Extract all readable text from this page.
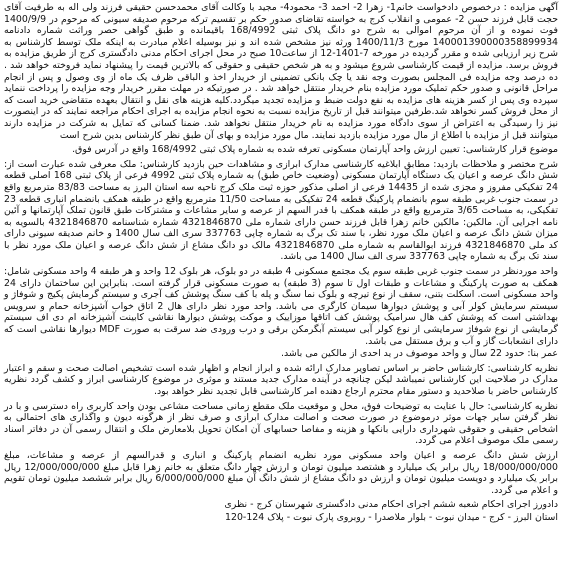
آگهی مزایده : درخصوص دادخواست خانم1- زهرا 2- احمد 3- محمود4- مجید با وکالت آقای محمدحسن حقیقی فرزند ولی اله به طرفیت آقای حجت قابل فرزند حسن 2- عمومی و انقلاب کرج به خواسته تقاضای صدور حکم بر تقسیم ترکه مرحوم صدیقه سیونی که مرحوم در 1400/9/9 فوت نموده و از آن مرحوم اموالی به شرح دو دانگ پلاک ثبتی 168/4992 باقیمانده و طبق گواهی حصر وراثت شماره دادنامه 140001390000358899934 مورخ 1400/11/3 ورثه نیز مشخص شده اند و نیز بوسیله اعلام مبادرت به اینکه ملک توسط کارشناس به شرح زیر ارزیابی شده و مقرر گردیده در مورخه 7-1401-12 از ساعت10 صبح در محل اجرای احکام مدنی دادگستری کرج از طریق مزایده به فروش برسد. مزایده از قیمت کارشناسی شروع میشود و به هر شخص حقیقی و حقوقی که بالاترین قیمت را پیشنهاد نماید فروخته خواهد شد . ده درصد وجه مزایده فی المجلس بصورت وجه نقد یا چک بانکی تضمینی از خریدار اخذ و الباقی ظرف یک ماه از وی وصول و پس از انجام مراحل قانونی و صدور حکم تملیک مورد مزایده بنام خریدار منتقل خواهد شد . در صورتیکه در مهلت مقرر خریدار وجه مزایده را پرداخت ننماید سپرده وی پس از کسر هزینه های مزایده به نفع دولت ضبط و مزایده تجدید میگردد.کلیه هزینه های نقل و انتقال بعهده متقاضی خرید است که از محل فروش کسر نخواهد شد.طرفین میتوانند قبل از تاریخ مزایده نسبت به نحوه انجام مزایده به اجرای احکام مراجعه نمایند که در اینصورت نیز زا رسیدگی به اعتراض از سوی دادگاه مورد مزایده به نام خریدار منتقل نخواهد شد. ضمنا کسانی که تمایل به شرکت در مزایده دارند میتوانند قبل از مزایده با اطلاع از مال مورد مزایده بازدید نمایند. مال مورد مزایده و بهای آن طبق نظر کارشناس بدین شرح است

موضوع قرار کارشناسی: تعیین ارزش واحد آپارتمان مسکونی تعرفه شده به شماره پلاک ثبتی 168/4992 واقع در آدرس فوق.

شرح مختصر و ملاحظات بازدید: مطابق ابلاغیه کارشناسی مدارک ابرازی و مشاهدات حین بازدید کارشناس: ملک معرفی شده عبارت است از: شش دانگ عرصه و اعیان یک دستگاه آپارتمان مسکونی (وضعیت خاص طبق) به شماره پلاک ثبتی 4992 فرعی از پلاک ثبتی 168 اصلی قطعه 24 تفکیکی مفروز و مجزی شده از 14435 فرعی از اصلی مذکور حوزه ثبت ملک کرج ناحیه سه استان البرز به مساحت 83/83 مترمربع واقع در سمت جنوب غربی طبقه سوم بانضمام پارکینگ قطعه 24 تفکیکی به مساحت 11/50 مترمربع واقع در طبقه همکف بانضمام انباری قطعه 23 تفکیکی، به مساحت 3/65 مترمربع واقع در طبقه همکف با قدر السهم از عرصه و سایر مشاعات و مشترکات طبق قانون تملک آپارتمانها و آئین نامه اجرایی آن. مالکین: مالکین خانم زهرا قابل فرزند حسن دارای شماره ملی 4321846870 شماره شناسنامه 4321846870 بالسویه به میزان شش دانگ عرصه و اعیان ملک مورد نظر، با سند تک برگ به شماره چاپی 337763 سری الف سال 1400 و خانم صدیقه سیونی دارای کد ملی 4321846870 فرزند ابوالقاسم به شماره ملی 4321846870 مالک دو دانگ مشاع از شش دانگ عرصه و اعیان ملک مورد نظر با سند تک برگ به شماره چاپی 337763 سری الف سال 1400 می باشد.

واحد موردنظر در سمت جنوب غربی طبقه سوم یک مجتمع مسکونی 4 طبقه در دو بلوک، هر بلوک 12 واحد و هر طبقه 4 واحد مسکونی شامل: همکف به صورت پارکینگ و مشاعات و طبقات اول تا سوم (3 طبقه) به صورت مسکونی قرار گرفته است. بنابراین این ساختمان دارای 24 واحد مسکونی است. اسکلت بتنی، سقف از نوع تیرچه و بلوک نما سنگ و پله با کف سنگ پوشش کف آجری و سیستم گرمایش پکیج و شوفاژ و سیستم سرمایش کولر آبی و پوشش دیوارها سیمان کارگری می باشد. واحد مورد نظر دارای هال 2 اتاق خواب آشپزخانه حمام و سرویس بهداشتی است که پوشش کف هال سرامیک پوشش کف اتاقها موزاییک و موکت پوشش دیوارها نقاشی کابینت آشپزخانه ام دی اف سیستم گرمایشی از نوع شوفاژ سرمایشی از نوع کولر آبی سیستم آبگرمکن برقی و درب ورودی ضد سرقت به صورت MDF دیوارها نقاشی است که دارای انشعابات گاز و آب و برق مستقل می باشد.

عمر بنا: حدود 22 سال و واحد موصوف در ید احدی از مالکین می باشد.

نظریه کارشناسی: کارشناس حاضر بر اساس تصاویر مدارک ارائه شده و ابراز انجام و اظهار شده است تشخیص اصالت صحت و سقم و اعتبار مدارک در صلاحیت این کارشناس نمیباشد لیکن چنانچه در آینده مدارک جدید مستند و موثری در موضوع کارشناسی ابراز و کشف گردد نظریه کارشناس حاضر با صلاحدید و دستور مقام محترم ارجاع دهنده امر کارشناسی قابل تجدید نظر خواهد بود.

نظریه کارشناسی: حال با عنایت به توضیحات فوق، محل و موقعیت ملک مقطع زمانی مساحت مشاعی بودن واحد کاربری راه دسترسی و با در نظر گرفتن سایر جهات موثر درموضوع در صورت صحت و اصالت مدارک ابرازی و صرف نظر از هرگونه دیون و واگذاری های احتمالی به اشخاص حقیقی و حقوقی شهرداری دارایی بانکها و هزینه و مفاصا حسابهای آن امکان تحویل بلامعارض ملک و انتقال رسمی آن در دفاتر اسناد رسمی ملک موصوف اعلام می گردد.

ارزش شش دانگ عرصه و اعیان واحد مسکونی مورد نظریه انضمام پارکینگ و انباری و قدرالسهم از عرصه و مشاعات، مبلغ 18/000/000/000 ریال برابر یک میلیارد و هشتصد میلیون تومان و ارزش چهار دانگ متعلق به خانم زهرا قابل مبلغ 12/000/000/000 ریال برابر یک میلیارد و دویست میلیون تومان و ارزش دو دانگ مشاع از شش دانگ آن مبلغ 6/000/000/000 ریال برابر ششصد میلیون تومان تقویم و اعلام می گردد.

دادورز اجرای احکام شعبه ششم اجرای احکام مدنی دادگستری شهرستان کرج - نظری

استان البرز - کرج - میدان نبوت - بلوار ملاصدرا - روبروی پارک نبوت - پلاک 124-120
